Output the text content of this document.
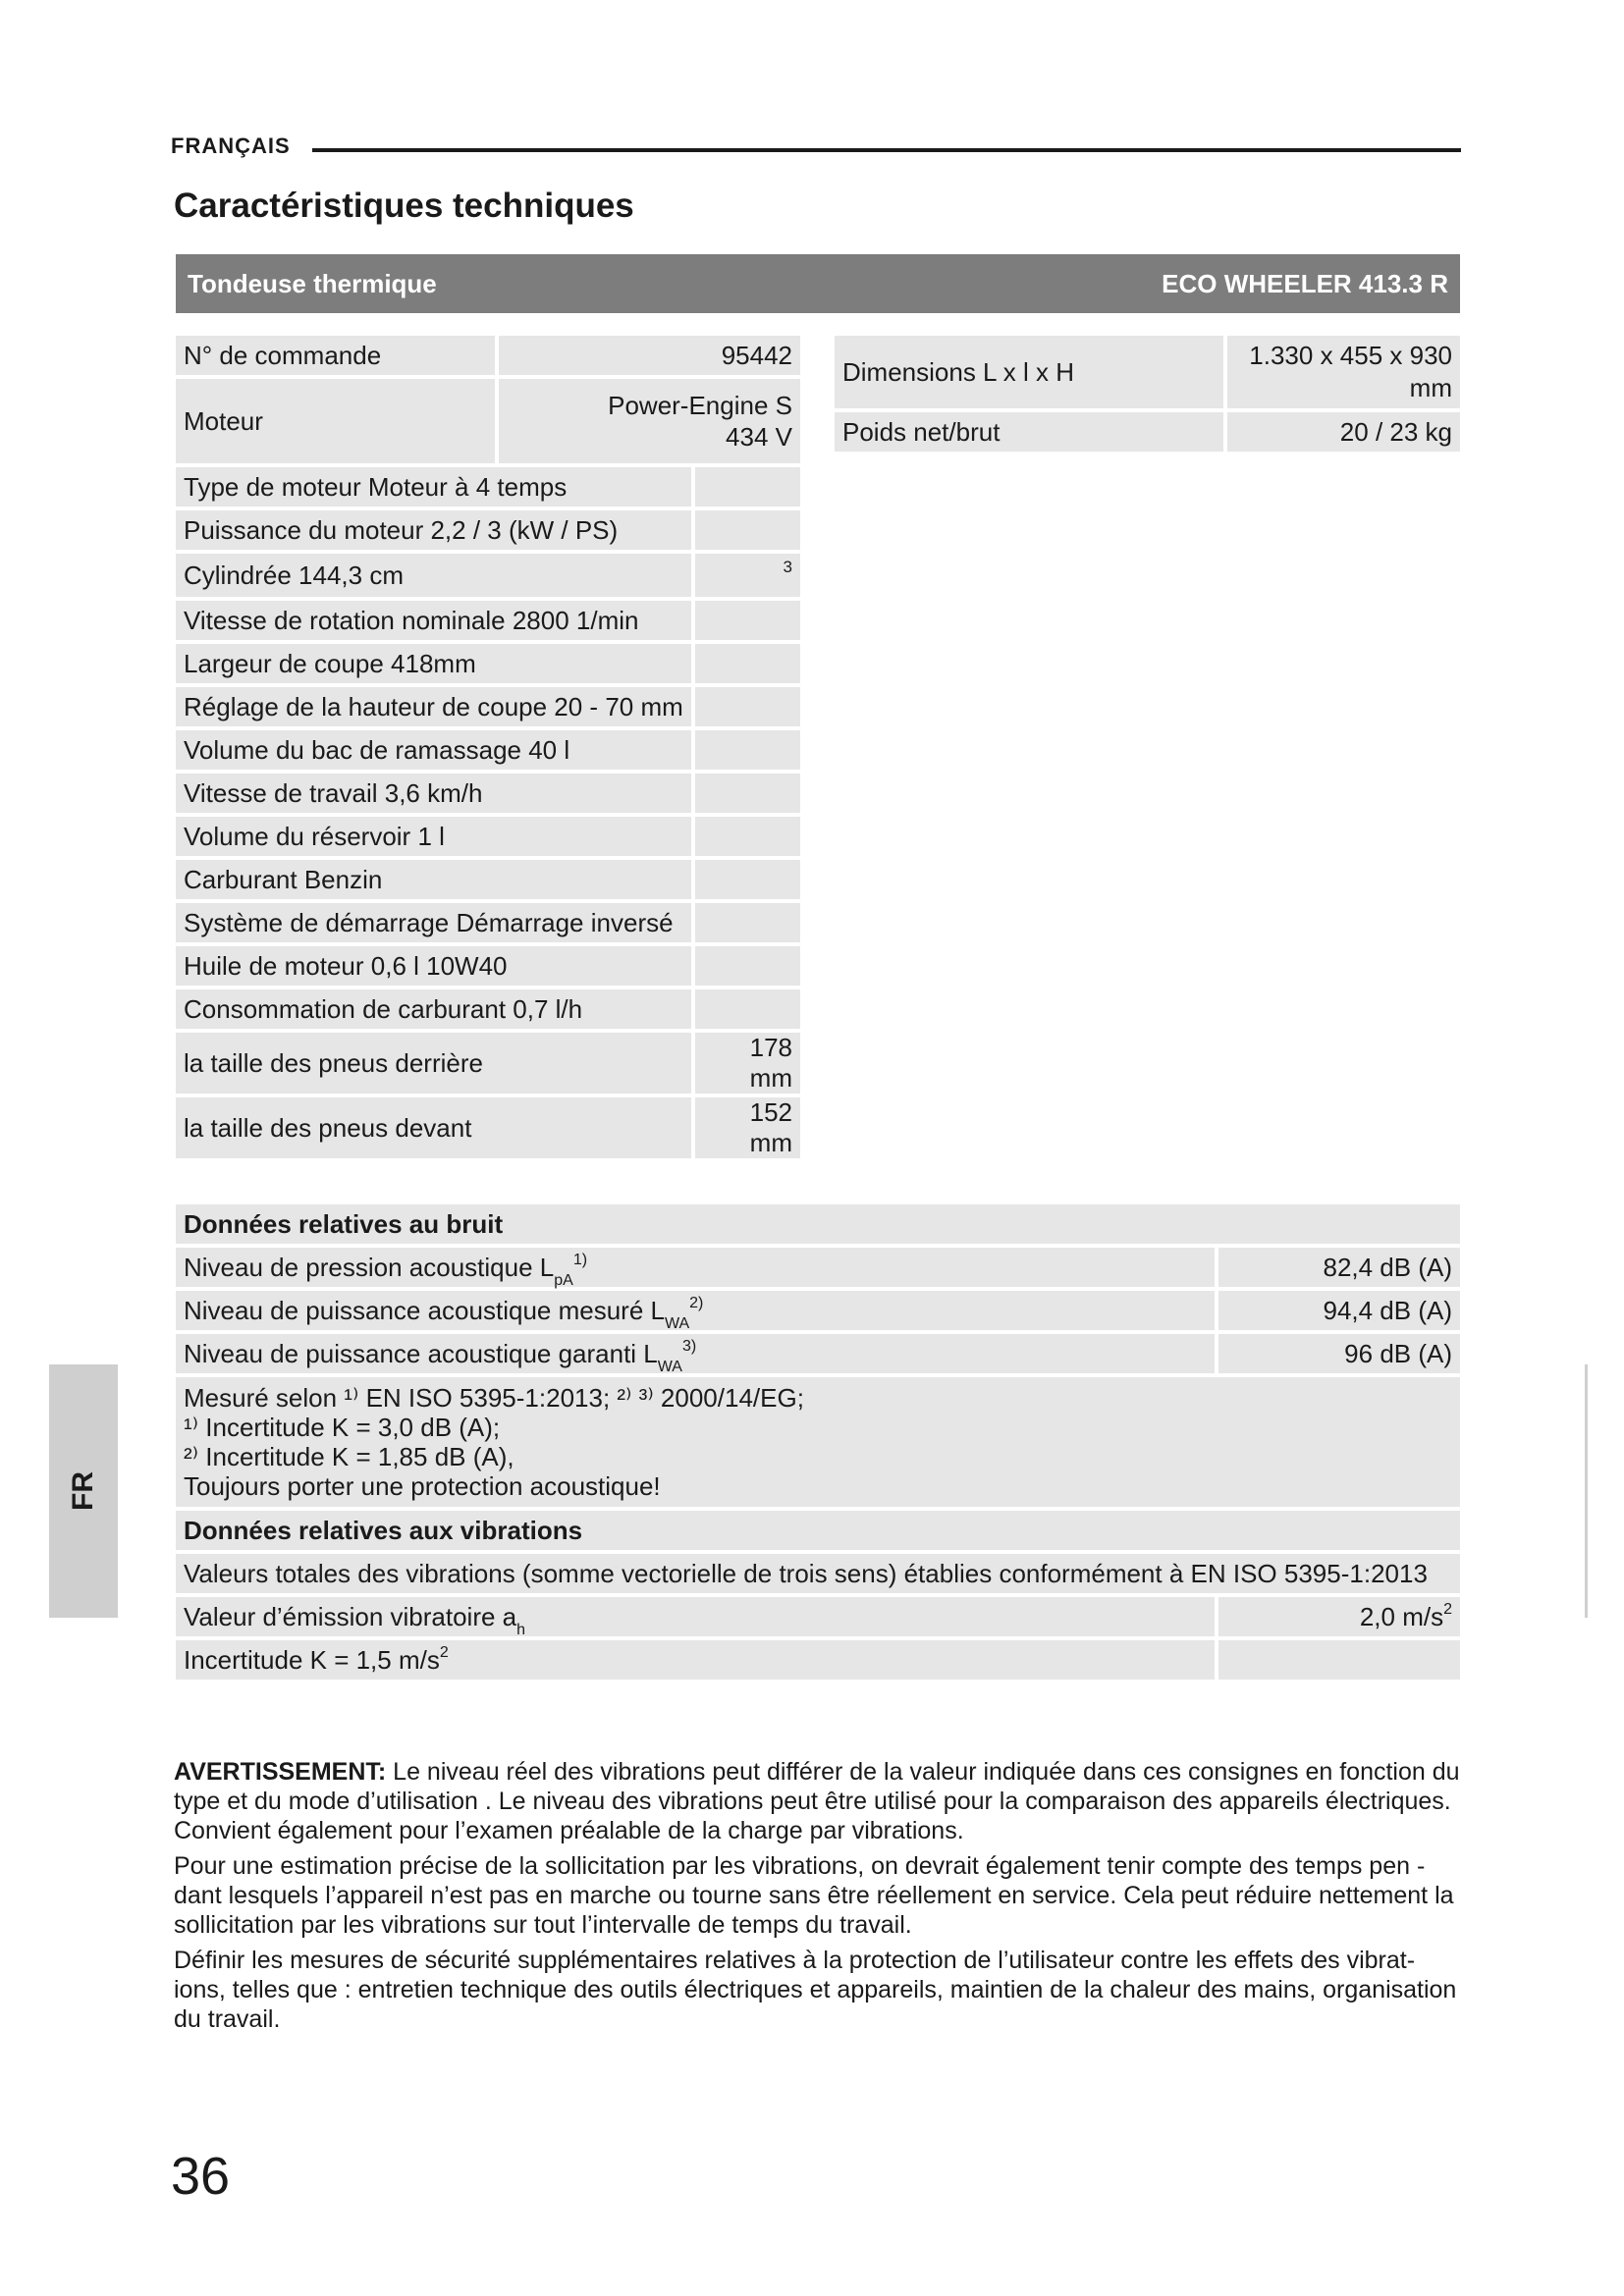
FRANÇAIS
Caractéristiques techniques
Tondeuse thermique	ECO WHEELER 413.3 R
N° de commande	95442
Moteur	Power-Engine S
434 V
Dimensions L x l x H	1.330 x 455 x 930
mm

Poids net/brut	20 / 23 kg
Type de moteur Moteur à 4 temps	
Puissance du moteur 2,2 / 3 (kW / PS)	
Cylindrée 144,3 cm	3
Vitesse de rotation nominale 2800 1/min	
Largeur de coupe 418mm	
Réglage de la hauteur de coupe 20 - 70 mm	
Volume du bac de ramassage 40 l	
Vitesse de travail 3,6 km/h	
Volume du réservoir 1 l	
Carburant Benzin	
Système de démarrage Démarrage inversé	
Huile de moteur 0,6 l 10W40	
Consommation de carburant 0,7 l/h	
la taille des pneus derrière	178 mm
la taille des pneus devant	152 mm
Données relatives au bruit	
Niveau de pression acoustique $L_{pA}^{1)}$	82,4 dB (A)
Niveau de puissance acoustique mesuré $L_{WA}^{2)}$	94,4 dB (A)
Niveau de puissance acoustique garanti $L_{WA}^{3)}$	96 dB (A)

Mesuré selon ¹⁾ EN ISO 5395-1:2013; ²⁾ ³⁾ 2000/14/EG;
¹⁾ Incertitude K = 3,0 dB (A);
²⁾ Incertitude K = 1,85 dB (A),
Toujours porter une protection acoustique!	

Données relatives aux vibrations	
Valeurs totales des vibrations (somme vectorielle de trois sens) établies conformément à EN ISO 5395-1:2013	
Valeur d’émission vibratoire $a_h$	2,0 $m/s^2$
Incertitude K = 1,5 $m/s^2$	
FR

AVERTISSEMENT: Le niveau réel des vibrations peut différer de la valeur indiquée dans ces consignes en fonction du type et du mode d’utilisation . Le niveau des vibrations peut être utilisé pour la comparaison des appareils électriques. Convient également pour l’examen préalable de la charge par vibrations.

Pour une estimation précise de la sollicitation par les vibrations, on devrait également tenir compte des temps pen - dant lesquels l’appareil n’est pas en marche ou tourne sans être réellement en service. Cela peut réduire nettement la sollicitation par les vibrations sur tout l’intervalle de temps du travail.

Définir les mesures de sécurité supplémentaires relatives à la protection de l’utilisateur contre les effets des vibrat- ions, telles que : entretien technique des outils électriques et appareils, maintien de la chaleur des mains, organisation du travail.

36
